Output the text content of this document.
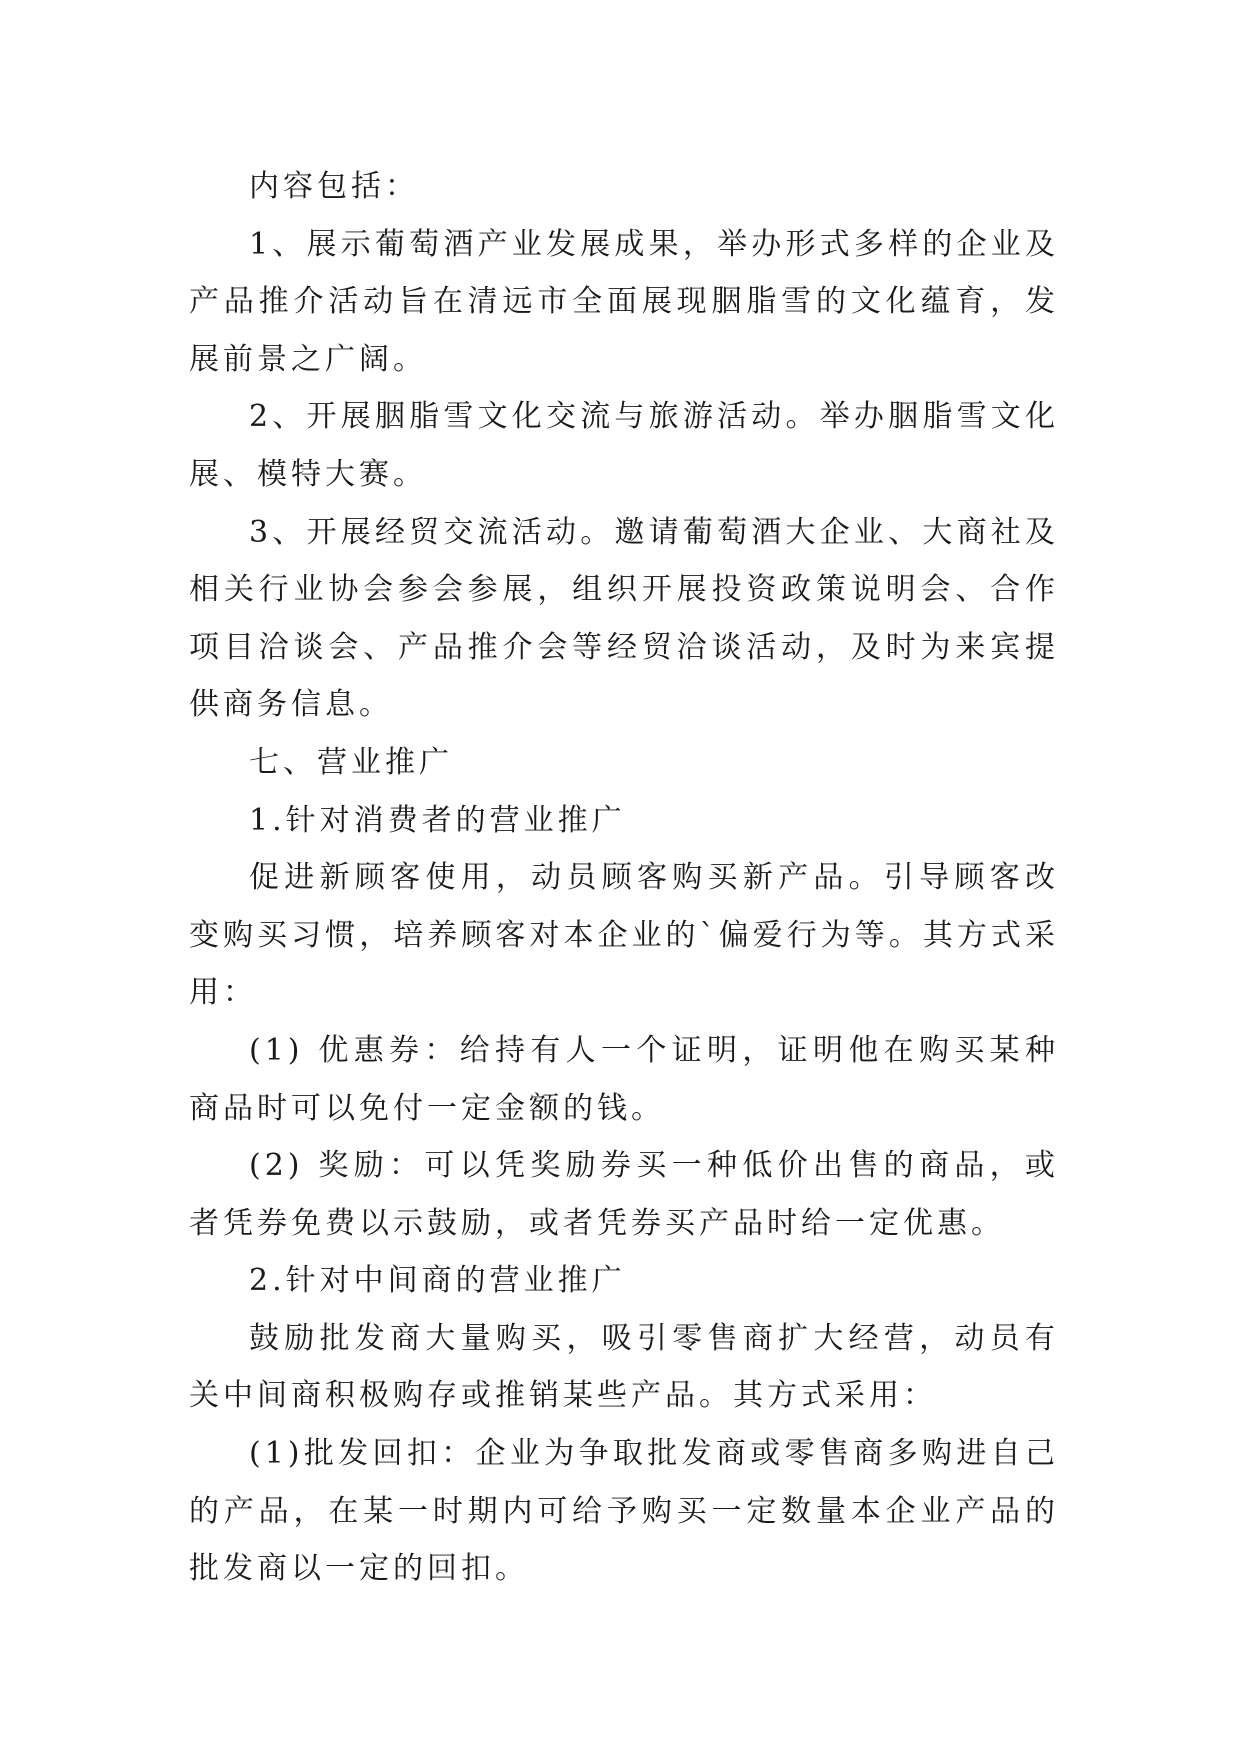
内容包括：

1、展示葡萄酒产业发展成果，举办形式多样的企业及产品推介活动旨在清远市全面展现胭脂雪的文化蕴育，发展前景之广阔。

2、开展胭脂雪文化交流与旅游活动。举办胭脂雪文化展、模特大赛。

3、开展经贸交流活动。邀请葡萄酒大企业、大商社及相关行业协会参会参展，组织开展投资政策说明会、合作项目洽谈会、产品推介会等经贸洽谈活动，及时为来宾提供商务信息。

七、营业推广

1.针对消费者的营业推广

促进新顾客使用，动员顾客购买新产品。引导顾客改变购买习惯，培养顾客对本企业的`偏爱行为等。其方式采用：

(1) 优惠券：给持有人一个证明，证明他在购买某种商品时可以免付一定金额的钱。

(2) 奖励：可以凭奖励券买一种低价出售的商品，或者凭券免费以示鼓励，或者凭券买产品时给一定优惠。

2.针对中间商的营业推广

鼓励批发商大量购买，吸引零售商扩大经营，动员有关中间商积极购存或推销某些产品。其方式采用：

(1)批发回扣：企业为争取批发商或零售商多购进自己的产品，在某一时期内可给予购买一定数量本企业产品的批发商以一定的回扣。
